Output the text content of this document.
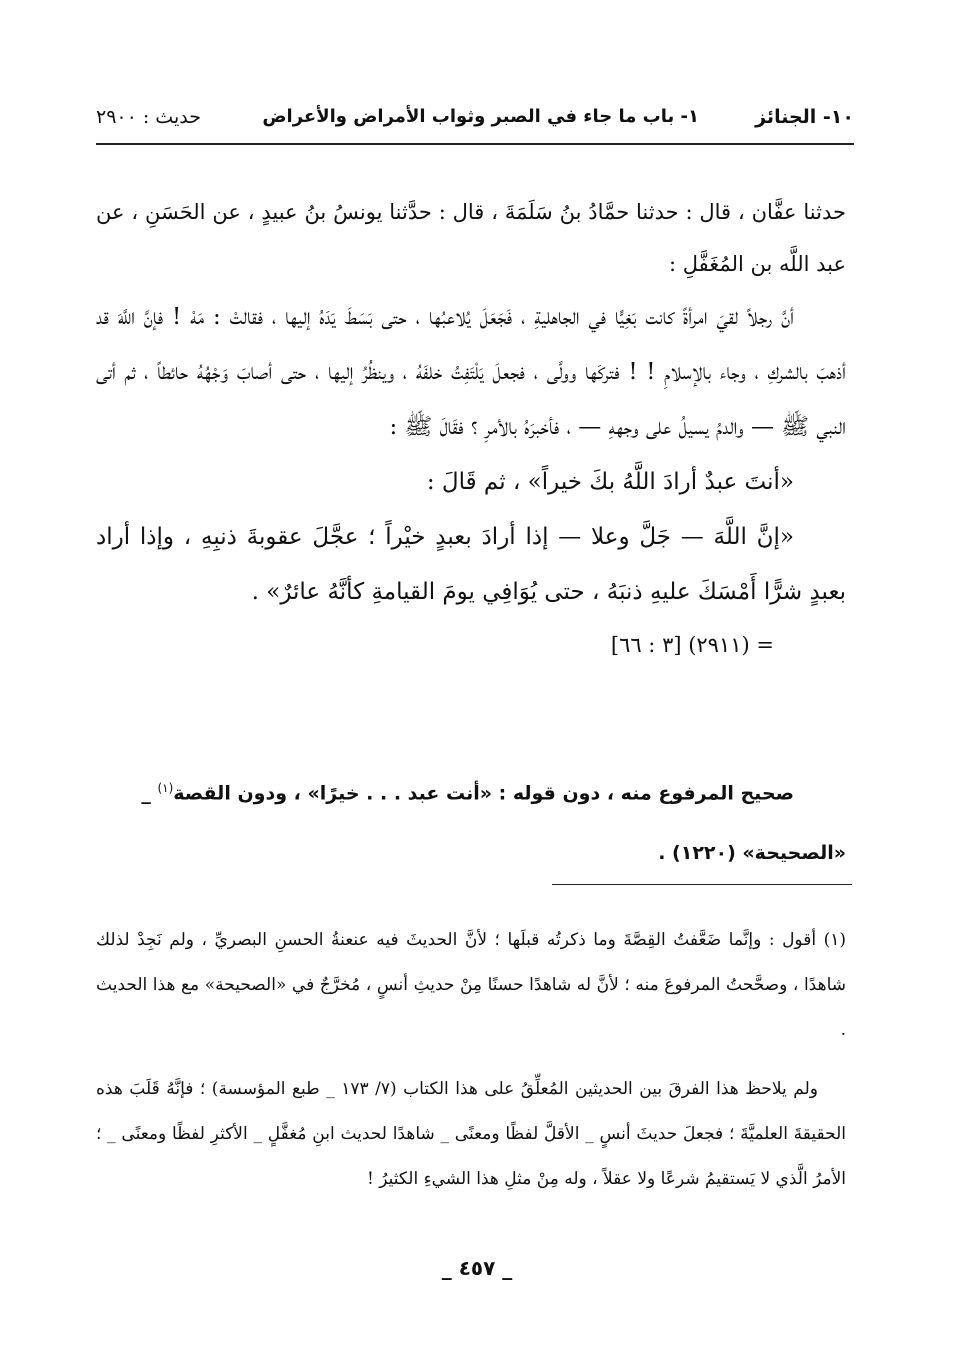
١٠- الجنائز
١- باب ما جاء في الصبر وثواب الأمراض والأعراض
حديث : ٢٩٠٠

حدثنا عفَّان ، قال : حدثنا حمَّادُ بنُ سَلَمَةَ ، قال : حدَّثنا يونسُ بنُ عبيدٍ ، عن الحَسَنِ ، عن عبد اللَّه بن المُغَفَّلِ :

أنَّ رجلاً لقيَ امرأةً كانت بَغِيًّا في الجاهليةِ ، فَجَعَلَ يُلاعبُها ، حتى بَسَطَ يَدَهُ إليها ، فقالتْ : مَهْ ! فإنَّ اللَّهَ قد أذهبَ بالشركِ ، وجاء بالإسلامِ ! ! فتركَها وولَّى ، فجعلَ يَلْتَفِتُ خلفَهُ ، وينظُرُ إليها ، حتى أصابَ وَجْهُهُ حائطاً ، ثم أتى النبي ﷺ — والدمُ يسيلُ على وجههِ — ، فأخبرَهُ بالأمرِ ؟ فقَالَ ﷺ :

«أنتَ عبدٌ أرادَ اللَّهُ بكَ خيراً» ، ثم قَالَ :

«إنَّ اللَّهَ — جَلَّ وعلا — إذا أرادَ بعبدٍ خيْراً ؛ عجَّلَ عقوبةَ ذنبِهِ ، وإذا أراد بعبدٍ شرًّا أَمْسَكَ عليهِ ذنبَهُ ، حتى يُوَافِي يومَ القيامةِ كأنَّهُ عائرٌ» .

= (٢٩١١) [٣ : ٦٦]

صحيح المرفوع منه ، دون قوله : «أنت عبد . . . خيرًا» ، ودون القصة$^{(١)}$ _ «الصحيحة» (١٢٢٠) .

(١) أقول : وإنَّما ضَعَّفتُ القِصَّةَ وما ذكرتُه قبلَها ؛ لأنَّ الحديثَ فيه عنعنةُ الحسنِ البصريِّ ، ولم نَجِدْ لذلك شاهدًا ، وصحَّحتُ المرفوعَ منه ؛ لأنَّ له شاهدًا حسنًا مِنْ حديثِ أنسٍ ، مُخرَّجٌ في «الصحيحة» مع هذا الحديث .

ولم يلاحظ هذا الفرقَ بين الحديثين المُعلِّقُ على هذا الكتاب (٧/ ١٧٣ _ طبع المؤسسة) ؛ فإنَّهُ قَلَبَ هذه الحقيقةَ العلميَّةَ ؛ فجعلَ حديثَ أنسٍ _ الأقلَّ لفظًا ومعنًى _ شاهدًا لحديث ابنِ مُغفَّلٍ _ الأكثرِ لفظًا ومعنًى _ ؛ الأمرُ الَّذي لا يَستقيمُ شرعًا ولا عقلاً ، وله مِنْ مثلِ هذا الشيءِ الكثيرُ !

_ ٤٥٧ _
